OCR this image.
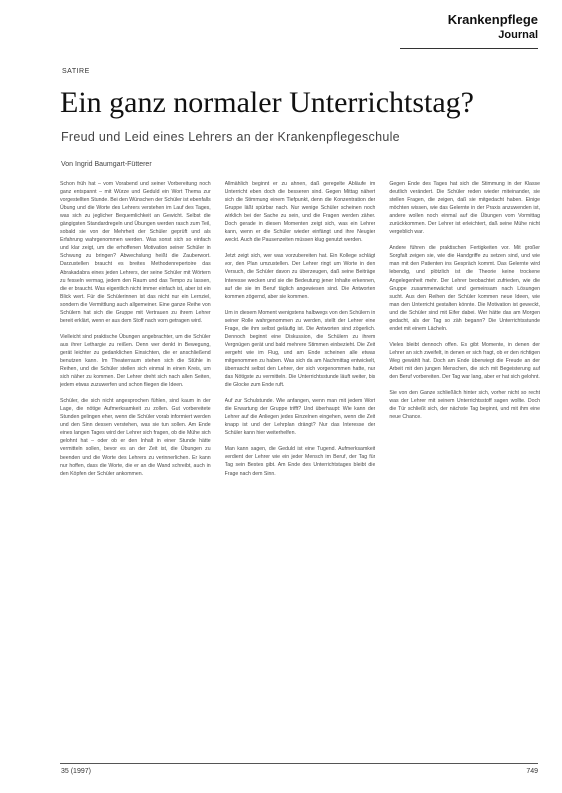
Krankenpflege
Journal
SATIRE
Ein ganz normaler Unterrichtstag?
Freud und Leid eines Lehrers an der Krankenpflegeschule
Von Ingrid Baumgart-Fütterer

Schon früh hat – vom Vorabend und seiner Vorbereitung noch ganz entspannt – mit Würze und Geduld ein Wort Thema zur vorgestellten Stunde. Bei den Wünschen der Schüler ist ebenfalls Übung und die Worte des Lehrers verstehen im Lauf des Tages, was sich zu jeglicher Bequemlichkeit an Gewicht. Selbst die gängigsten Standardregeln und Übungen werden rasch zum Teil, sobald sie von der Mehrheit der Schüler geprüft und als Erfahrung wahrgenommen werden. Was sonst sich so einfach und klar zeigt, um die erhoffenen Motivation seiner Schüler in Schwung zu bringen? Abwechslung heißt die Zauberwort. Darzustellen braucht es breites Methodenrepertoire das Abrakadabra eines jeden Lehrers, der seine Schüler mit Wörtern zu fesseln vermag, jedem den Raum und das Tempo zu lassen, die er braucht. Was eigentlich nicht immer einfach ist, aber ist ein Blick wert. Für die Schülerinnen ist das nicht nur ein Lernziel, sondern die Vermittlung auch allgemeiner. Eine ganze Reihe von Schülern hat sich die Gruppe mit Vertrauen zu ihrem Lehrer bereit erklärt, wenn er aus dem Stoff nach vorn getragen wird.

Vielleicht sind praktische Übungen angebrachter, um die Schüler aus ihrer Lethargie zu reißen. Denn wer denkt in Bewegung, gerät leichter zu gedanklichen Einsichten, die er anschließend benutzen kann. Im Theaterraum stehen sich die Stühle in Reihen, und die Schüler stellen sich einmal in einen Kreis, um sich näher zu kommen. Der Lehrer dreht sich nach allen Seiten, jedem etwas zuzuwerfen und schon fliegen die Ideen.

Schüler, die sich nicht angesprochen fühlen, sind kaum in der Lage, die nötige Aufmerksamkeit zu zollen. Gut vorbereitete Stunden gelingen eher, wenn die Schüler vorab informiert werden und den Sinn dessen verstehen, was sie tun sollen. Am Ende eines langen Tages wird der Lehrer sich fragen, ob die Mühe sich gelohnt hat – oder ob er den Inhalt in einer Stunde hätte vermitteln sollen, bevor es an der Zeit ist, die Übungen zu beenden und die Worte des Lehrers zu verinnerlichen. Er kann nur hoffen, dass die Worte, die er an die Wand schreibt, auch in den Köpfen der Schüler ankommen.

Allmählich beginnt er zu ahnen, daß geregelte Abläufe im Unterricht eben doch die besseren sind. Gegen Mittag nähert sich die Stimmung einem Tiefpunkt, denn die Konzentration der Gruppe läßt spürbar nach. Nur wenige Schüler scheinen noch wirklich bei der Sache zu sein, und die Fragen werden zäher. Doch gerade in diesen Momenten zeigt sich, was ein Lehrer kann, wenn er die Schüler wieder einfängt und ihre Neugier weckt. Auch die Pausenzeiten müssen klug genutzt werden.

Jetzt zeigt sich, wer was vorzubereiten hat. Ein Kollege schlägt vor, den Plan umzustellen. Der Lehrer ringt um Worte in den Versuch, die Schüler davon zu überzeugen, daß seine Beiträge Interesse wecken und sie die Bedeutung jener Inhalte erkennen, auf die sie im Beruf täglich angewiesen sind. Die Antworten kommen zögernd, aber sie kommen.

Um in diesem Moment wenigstens halbwegs von den Schülern in seiner Rolle wahrgenommen zu werden, stellt der Lehrer eine Frage, die ihm selbst geläufig ist. Die Antworten sind zögerlich. Dennoch beginnt eine Diskussion, die Schülern zu ihrem Vergnügen gerät und bald mehrere Stimmen einbezieht. Die Zeit vergeht wie im Flug, und am Ende scheinen alle etwas mitgenommen zu haben. Was sich da am Nachmittag entwickelt, überrascht selbst den Lehrer, der sich vorgenommen hatte, nur das Nötigste zu vermitteln. Die Unterrichtsstunde läuft weiter, bis die Glocke zum Ende ruft.

Auf zur Schulstunde. Wie anfangen, wenn man mit jedem Wort die Erwartung der Gruppe trifft? Und überhaupt: Wie kann der Lehrer auf die Anliegen jedes Einzelnen eingehen, wenn die Zeit knapp ist und der Lehrplan drängt? Nur das Interesse der Schüler kann hier weiterhelfen.

Man kann sagen, die Geduld ist eine Tugend. Aufmerksamkeit verdient der Lehrer wie ein jeder Mensch im Beruf, der Tag für Tag sein Bestes gibt. Am Ende des Unterrichtstages bleibt die Frage nach dem Sinn.

Gegen Ende des Tages hat sich die Stimmung in der Klasse deutlich verändert. Die Schüler reden wieder miteinander, sie stellen Fragen, die zeigen, daß sie mitgedacht haben. Einige möchten wissen, wie das Gelernte in der Praxis anzuwenden ist, andere wollen noch einmal auf die Übungen vom Vormittag zurückkommen. Der Lehrer ist erleichtert, daß seine Mühe nicht vergeblich war.

Andere führen die praktischen Fertigkeiten vor. Mit großer Sorgfalt zeigen sie, wie die Handgriffe zu setzen sind, und wie man mit den Patienten ins Gespräch kommt. Das Gelernte wird lebendig, und plötzlich ist die Theorie keine trockene Angelegenheit mehr. Der Lehrer beobachtet zufrieden, wie die Gruppe zusammenwächst und gemeinsam nach Lösungen sucht. Aus den Reihen der Schüler kommen neue Ideen, wie man den Unterricht gestalten könnte. Die Motivation ist geweckt, und die Schüler sind mit Eifer dabei. Wer hätte das am Morgen gedacht, als der Tag so zäh begann? Die Unterrichtsstunde endet mit einem Lächeln.

Vieles bleibt dennoch offen. Es gibt Momente, in denen der Lehrer an sich zweifelt, in denen er sich fragt, ob er den richtigen Weg gewählt hat. Doch am Ende überwiegt die Freude an der Arbeit mit den jungen Menschen, die sich mit Begeisterung auf den Beruf vorbereiten. Der Tag war lang, aber er hat sich gelohnt.

Sie von den Ganze schließlich hinter sich, vorher nicht so recht was der Lehrer mit seinem Unterrichtsstoff sagen wollte. Doch die Tür schließt sich, der nächste Tag beginnt, und mit ihm eine neue Chance.

35 (1997)	749
